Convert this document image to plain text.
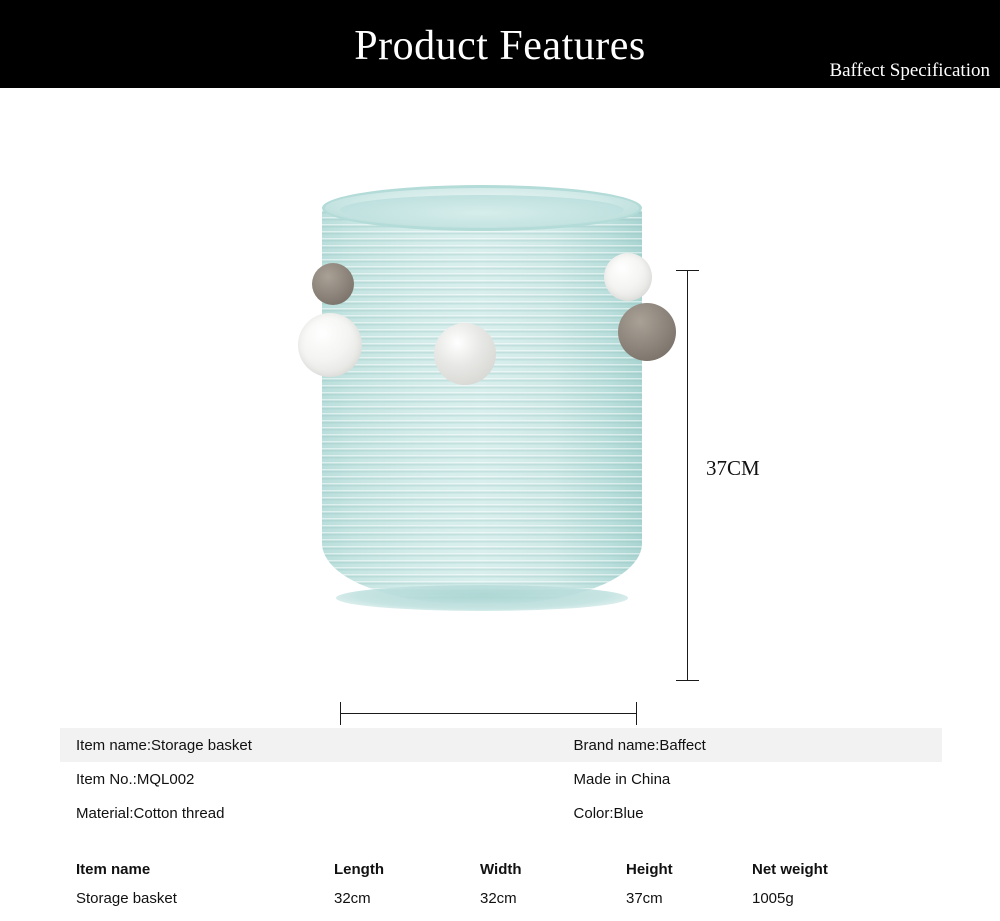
Product Features
Baffect Specification
37CM
Item name:Storage basket	Brand name:Baffect
Item No.:MQL002	Made in China
Material:Cotton thread	Color:Blue
Item name	Length	Width	Height	Net weight
Storage basket	32cm	32cm	37cm	1005g
